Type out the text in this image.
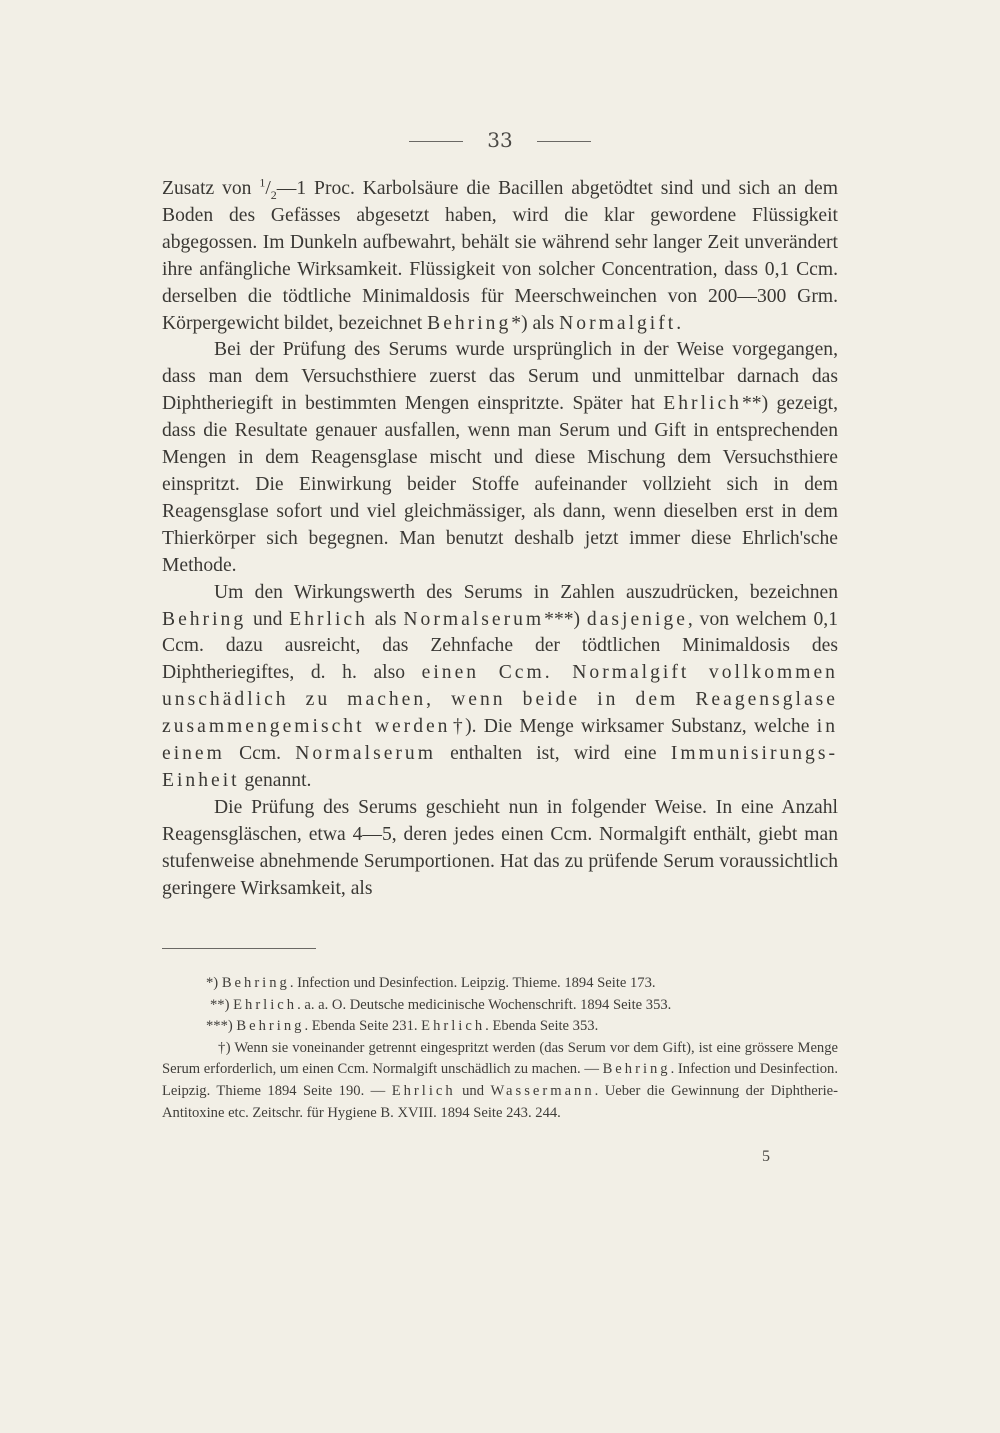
33

Zusatz von $^1/_2—1$ Proc. Karbolsäure die Bacillen abgetödtet sind und sich an dem Boden des Gefässes abgesetzt haben, wird die klar gewordene Flüssigkeit abgegossen. Im Dunkeln aufbewahrt, behält sie während sehr langer Zeit unverändert ihre anfängliche Wirksamkeit. Flüssigkeit von solcher Concentration, dass 0,1 Ccm. derselben die tödtliche Minimaldosis für Meerschweinchen von 200—300 Grm. Körpergewicht bildet, bezeichnet Behring*) als Normalgift.

Bei der Prüfung des Serums wurde ursprünglich in der Weise vorgegangen, dass man dem Versuchsthiere zuerst das Serum und unmittelbar darnach das Diphtheriegift in bestimmten Mengen einspritzte. Später hat Ehrlich**) gezeigt, dass die Resultate genauer ausfallen, wenn man Serum und Gift in entsprechenden Mengen in dem Reagensglase mischt und diese Mischung dem Versuchsthiere einspritzt. Die Einwirkung beider Stoffe aufeinander vollzieht sich in dem Reagensglase sofort und viel gleichmässiger, als dann, wenn dieselben erst in dem Thierkörper sich begegnen. Man benutzt deshalb jetzt immer diese Ehrlich'sche Methode.

Um den Wirkungswerth des Serums in Zahlen auszudrücken, bezeichnen Behring und Ehrlich als Normalserum***) dasjenige, von welchem 0,1 Ccm. dazu ausreicht, das Zehnfache der tödtlichen Minimaldosis des Diphtheriegiftes, d. h. also einen Ccm. Normalgift vollkommen unschädlich zu machen, wenn beide in dem Reagensglase zusammengemischt werden†). Die Menge wirksamer Substanz, welche in einem Ccm. Normalserum enthalten ist, wird eine Immunisirungs-Einheit genannt.

Die Prüfung des Serums geschieht nun in folgender Weise. In eine Anzahl Reagensgläschen, etwa 4—5, deren jedes einen Ccm. Normalgift enthält, giebt man stufenweise abnehmende Serumportionen. Hat das zu prüfende Serum voraussichtlich geringere Wirksamkeit, als

*) Behring. Infection und Desinfection. Leipzig. Thieme. 1894 Seite 173.

**) Ehrlich. a. a. O. Deutsche medicinische Wochenschrift. 1894 Seite 353.

***) Behring. Ebenda Seite 231. Ehrlich. Ebenda Seite 353.

†) Wenn sie voneinander getrennt eingespritzt werden (das Serum vor dem Gift), ist eine grössere Menge Serum erforderlich, um einen Ccm. Normalgift unschädlich zu machen. — Behring. Infection und Desinfection. Leipzig. Thieme 1894 Seite 190. — Ehrlich und Wassermann. Ueber die Gewinnung der Diphtherie-Antitoxine etc. Zeitschr. für Hygiene B. XVIII. 1894 Seite 243. 244.

5
